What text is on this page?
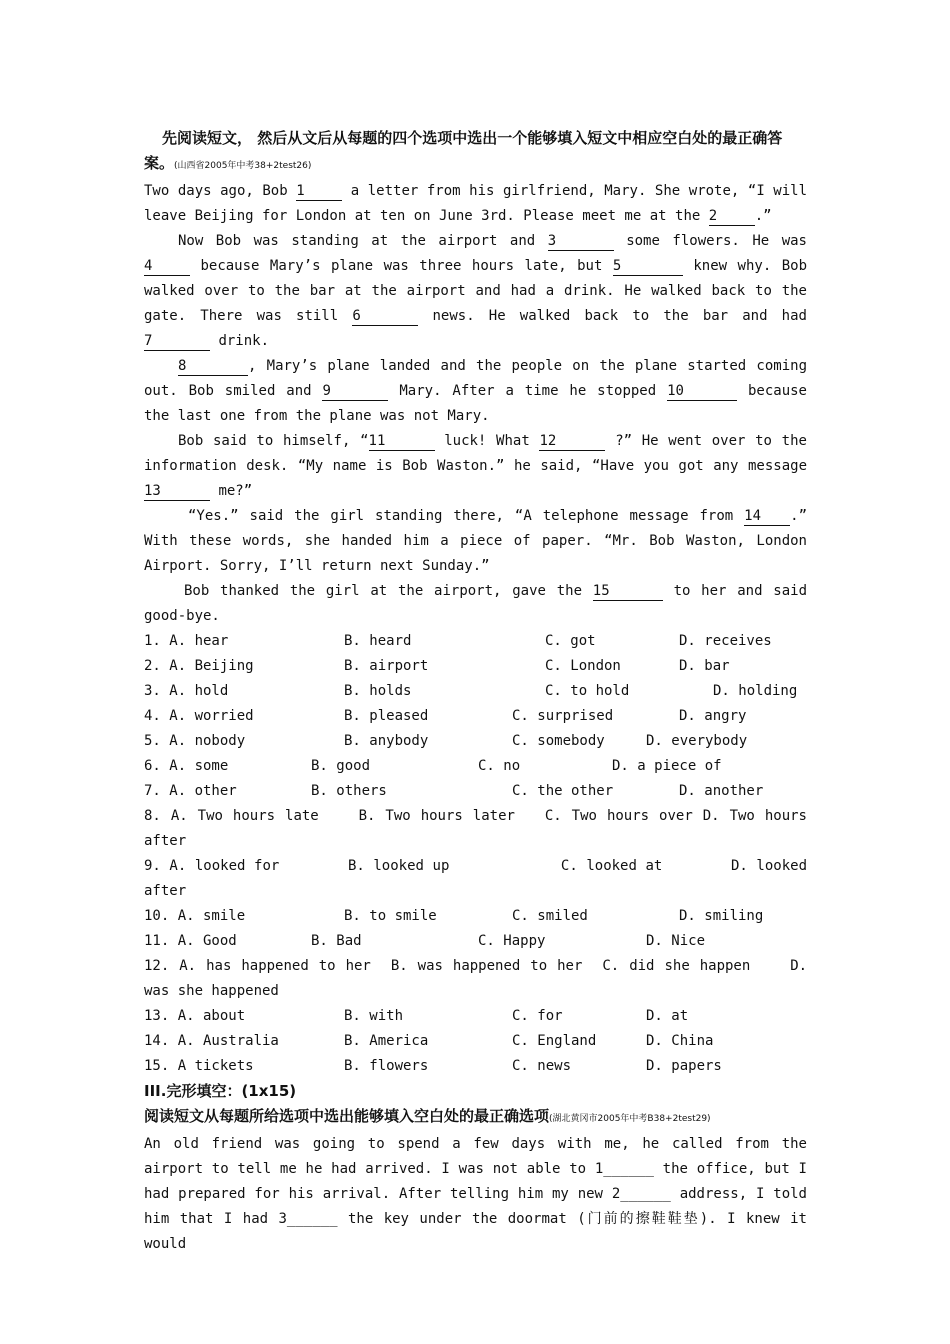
先阅读短文， 然后从文后从每题的四个选项中选出一个能够填入短文中相应空白处的最正确答案。(山西省2005年中考38+2test26)

Two days ago, Bob 1	a letter from his girlfriend, Mary. She wrote, “I will leave Beijing for London at ten on June 3rd. Please meet me at the 2	.”

Now Bob was standing at the airport and 3	some flowers. He was 4	because Mary’s plane was three hours late, but 5	knew why. Bob walked over to the bar at the airport and had a drink. He walked back to the gate. There was still 6	news. He walked back to the bar and had 7	drink.

8	, Mary’s plane landed and the people on the plane started coming out. Bob smiled and 9	Mary. After a time he stopped 10	because the last one from the plane was not Mary.

Bob said to himself, “11	luck! What 12	?” He went over to the information desk. “My name is Bob Waston.” he said, “Have you got any message 13	me?”

“Yes.” said the girl standing there, “A telephone message from 14 .” With these words, she handed him a piece of paper. “Mr. Bob Waston, London Airport. Sorry, I’ll return next Sunday.”

Bob thanked the girl at the airport, gave the 15	to her and said good-bye.

1. A. hear	B. heard	C. got	D. receives
2. A. Beijing	B. airport	C. London	D. bar
3. A. hold	B. holds	C. to hold	D. holding
4. A. worried	B. pleased	C. surprised	D. angry
5. A. nobody	B. anybody	C. somebody	D. everybody
6. A. some	B. good	C. no	D. a piece of
7. A. other	B. others	C. the other	D. another

8. A. Two hours late	B. Two hours later C. Two hours over D. Two hours after

9. A. looked for	B. looked up	C. looked at	D. looked after

10. A. smile	B. to smile	C. smiled	D. smiling
11. A. Good	B. Bad	C. Happy	D. Nice

12. A. has happened to her B. was happened to her C. did she happen	D. was she happened

13. A. about	B. with	C. for	D. at
14. A. Australia	B. America	C. England	D. China
15. A tickets	B. flowers	C. news	D. papers
III.完形填空：(1x15)
阅读短文从每题所给选项中选出能够填入空白处的最正确选项(湖北黄冈市2005年中考B38+2test29)

An old friend was going to spend a few days with me, he called from the airport to tell me he had arrived. I was not able to 1______ the office, but I had prepared for his arrival. After telling him my new 2______ address, I told him that I had 3______ the key under the doormat (门前的擦鞋鞋垫). I knew it would
